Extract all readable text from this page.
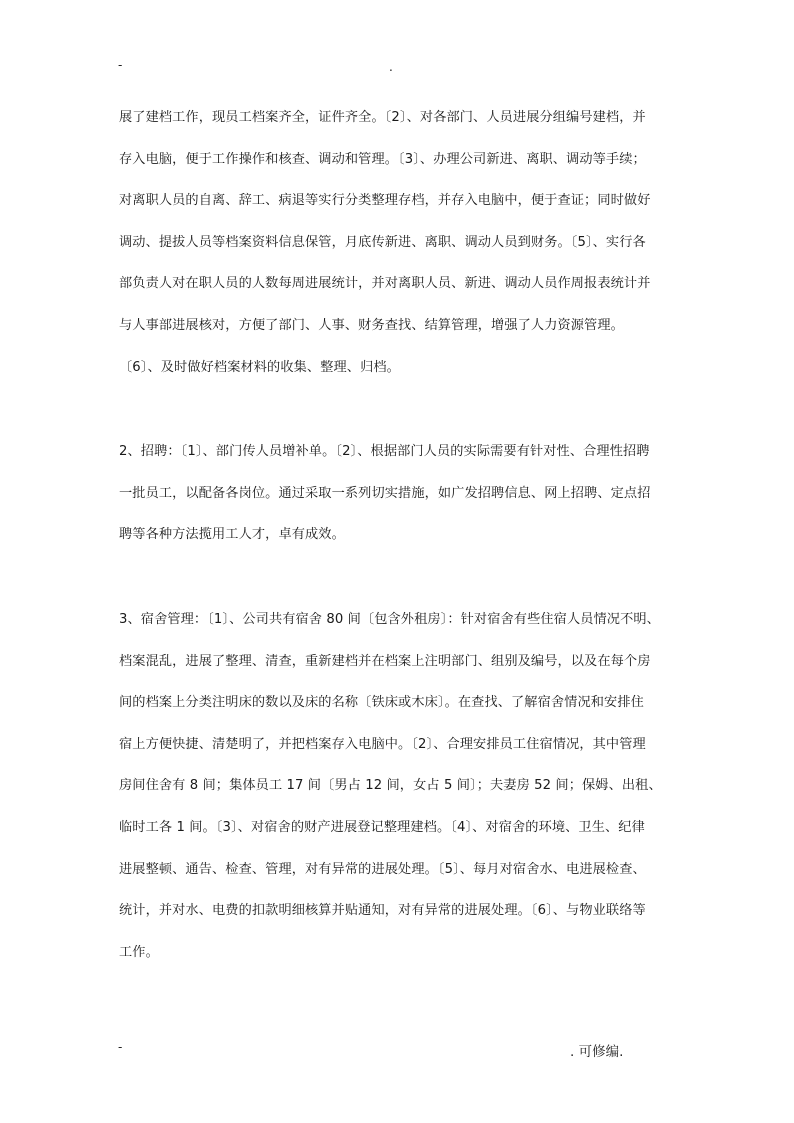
-	.
展了建档工作，现员工档案齐全，证件齐全。〔2〕、对各部门、人员进展分组编号建档，并
存入电脑，便于工作操作和核查、调动和管理。〔3〕、办理公司新进、离职、调动等手续；
对离职人员的自离、辞工、病退等实行分类整理存档，并存入电脑中，便于查证；同时做好
调动、提拔人员等档案资料信息保管，月底传新进、离职、调动人员到财务。〔5〕、实行各
部负责人对在职人员的人数每周进展统计，并对离职人员、新进、调动人员作周报表统计并
与人事部进展核对，方便了部门、人事、财务查找、结算管理，增强了人力资源管理。
〔6〕、及时做好档案材料的收集、整理、归档。
2、招聘：〔1〕、部门传人员增补单。〔2〕、根据部门人员的实际需要有针对性、合理性招聘
一批员工，以配备各岗位。通过采取一系列切实措施，如广发招聘信息、网上招聘、定点招
聘等各种方法揽用工人才，卓有成效。
3、宿舍管理：〔1〕、公司共有宿舍 80 间〔包含外租房〕：针对宿舍有些住宿人员情况不明、
档案混乱，进展了整理、清查，重新建档并在档案上注明部门、组别及编号，以及在每个房
间的档案上分类注明床的数以及床的名称〔铁床或木床〕。在查找、了解宿舍情况和安排住
宿上方便快捷、清楚明了，并把档案存入电脑中。〔2〕、合理安排员工住宿情况，其中管理
房间住舍有 8 间；集体员工 17 间〔男占 12 间，女占 5 间〕；夫妻房 52 间；保姆、出租、
临时工各 1 间。〔3〕、对宿舍的财产进展登记整理建档。〔4〕、对宿舍的环境、卫生、纪律
进展整顿、通告、检查、管理，对有异常的进展处理。〔5〕、每月对宿舍水、电进展检查、
统计，并对水、电费的扣款明细核算并贴通知，对有异常的进展处理。〔6〕、与物业联络等
工作。
-	. 可修编.
